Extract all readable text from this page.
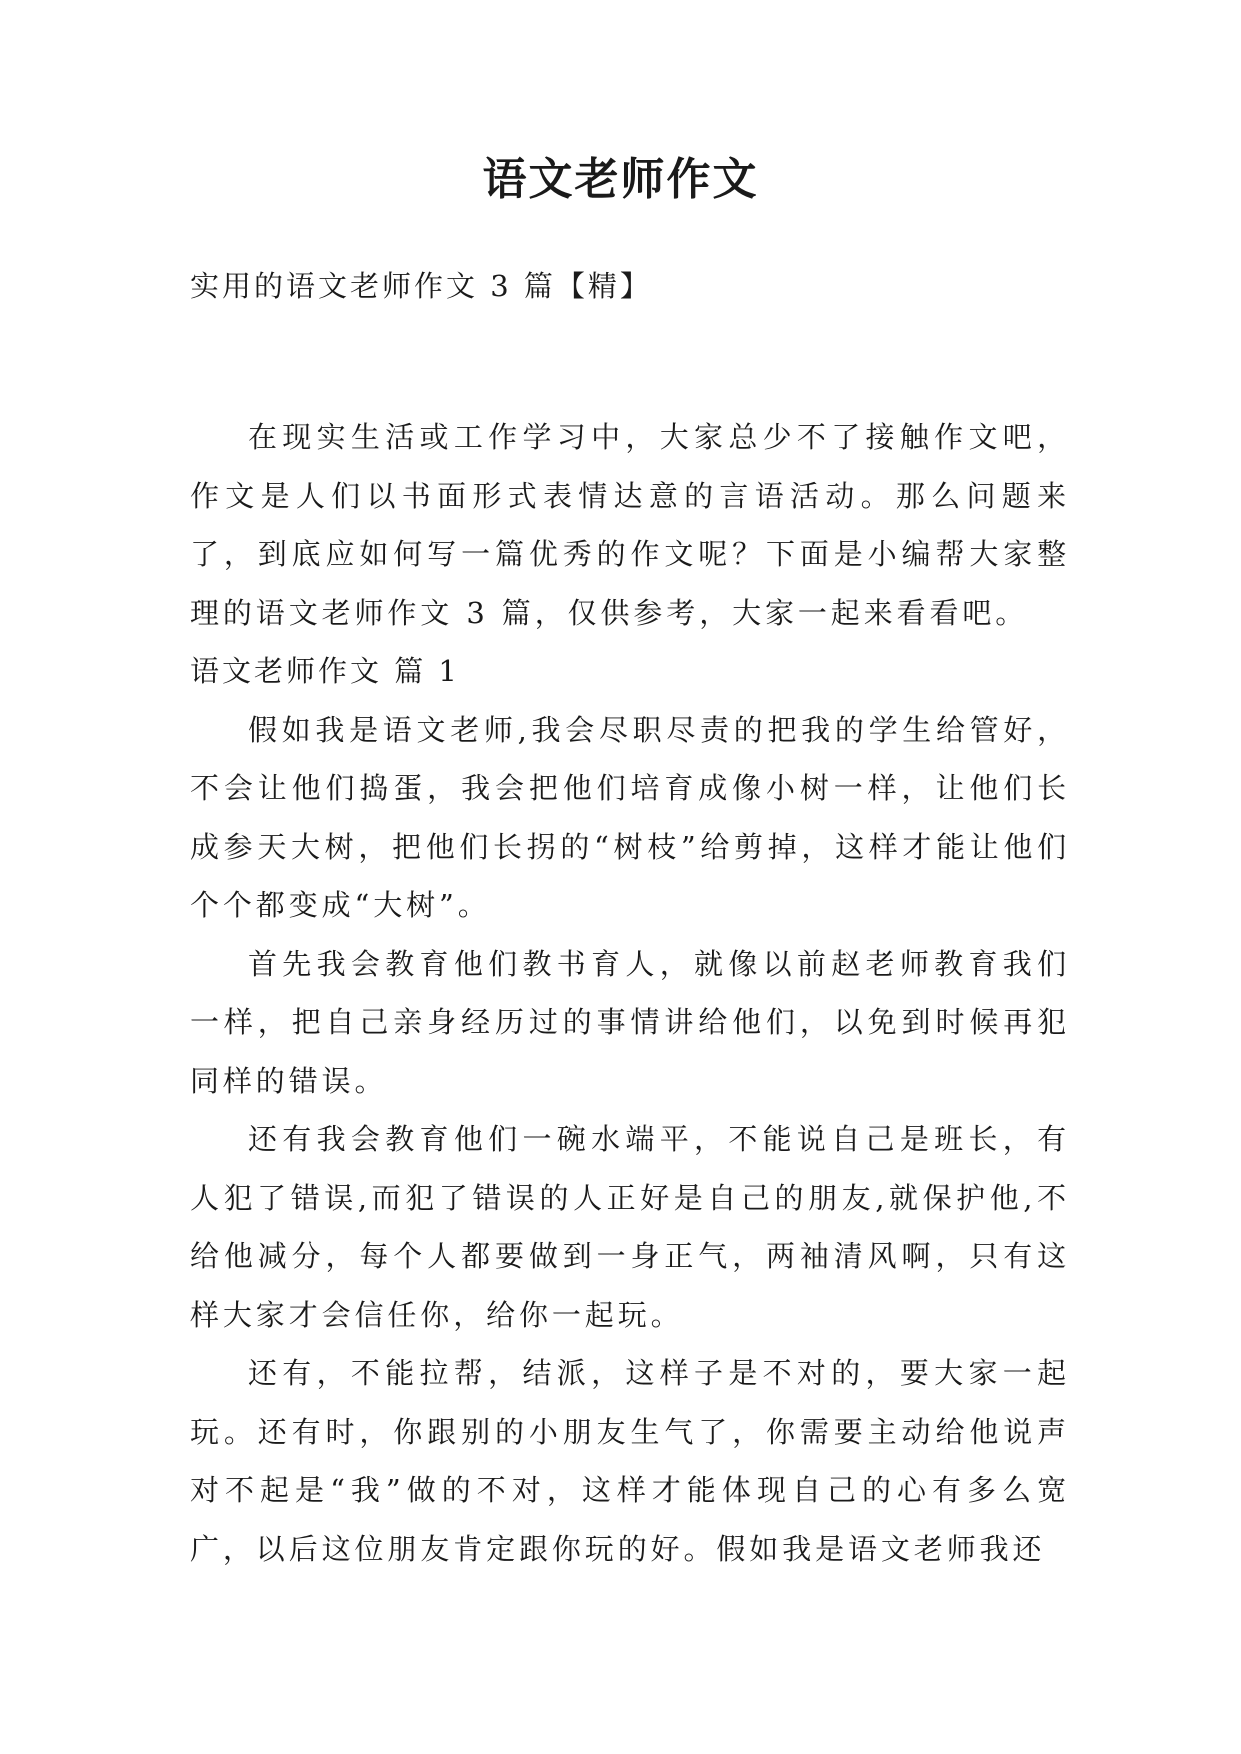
语文老师作文

实用的语文老师作文 3 篇【精】

在现实生活或工作学习中，大家总少不了接触作文吧，作文是人们以书面形式表情达意的言语活动。那么问题来了，到底应如何写一篇优秀的作文呢？下面是小编帮大家整理的语文老师作文 3 篇，仅供参考，大家一起来看看吧。

语文老师作文 篇 1

假如我是语文老师,我会尽职尽责的把我的学生给管好，不会让他们捣蛋，我会把他们培育成像小树一样，让他们长成参天大树，把他们长拐的“树枝”给剪掉，这样才能让他们个个都变成“大树”。

首先我会教育他们教书育人，就像以前赵老师教育我们一样，把自己亲身经历过的事情讲给他们，以免到时候再犯同样的错误。

还有我会教育他们一碗水端平，不能说自己是班长，有人犯了错误,而犯了错误的人正好是自己的朋友,就保护他,不给他减分，每个人都要做到一身正气，两袖清风啊，只有这样大家才会信任你，给你一起玩。

还有，不能拉帮，结派，这样子是不对的，要大家一起玩。还有时，你跟别的小朋友生气了，你需要主动给他说声对不起是“我”做的不对，这样才能体现自己的心有多么宽广，以后这位朋友肯定跟你玩的好。假如我是语文老师我还
